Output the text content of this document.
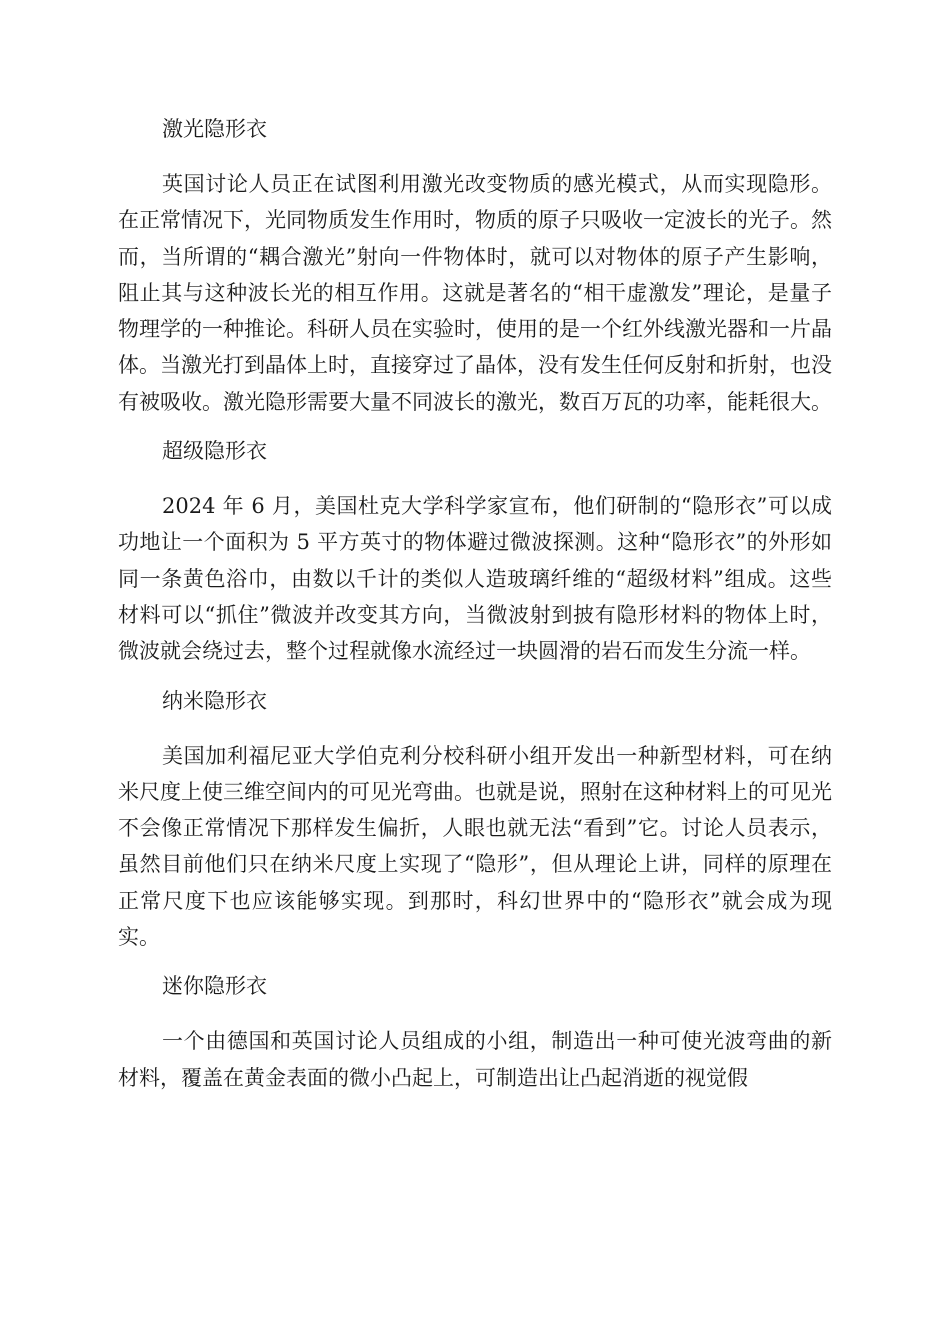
激光隐形衣

英国讨论人员正在试图利用激光改变物质的感光模式，从而实现隐形。在正常情况下，光同物质发生作用时，物质的原子只吸收一定波长的光子。然而，当所谓的“耦合激光”射向一件物体时，就可以对物体的原子产生影响，阻止其与这种波长光的相互作用。这就是著名的“相干虚激发”理论，是量子物理学的一种推论。科研人员在实验时，使用的是一个红外线激光器和一片晶体。当激光打到晶体上时，直接穿过了晶体，没有发生任何反射和折射，也没有被吸收。激光隐形需要大量不同波长的激光，数百万瓦的功率，能耗很大。

超级隐形衣

2024 年 6 月，美国杜克大学科学家宣布，他们研制的“隐形衣”可以成功地让一个面积为 5 平方英寸的物体避过微波探测。这种“隐形衣”的外形如同一条黄色浴巾，由数以千计的类似人造玻璃纤维的“超级材料”组成。这些材料可以“抓住”微波并改变其方向，当微波射到披有隐形材料的物体上时，微波就会绕过去，整个过程就像水流经过一块圆滑的岩石而发生分流一样。

纳米隐形衣

美国加利福尼亚大学伯克利分校科研小组开发出一种新型材料，可在纳米尺度上使三维空间内的可见光弯曲。也就是说，照射在这种材料上的可见光不会像正常情况下那样发生偏折，人眼也就无法“看到”它。讨论人员表示，虽然目前他们只在纳米尺度上实现了“隐形”，但从理论上讲，同样的原理在正常尺度下也应该能够实现。到那时，科幻世界中的“隐形衣”就会成为现实。

迷你隐形衣

一个由德国和英国讨论人员组成的小组，制造出一种可使光波弯曲的新材料，覆盖在黄金表面的微小凸起上，可制造出让凸起消逝的视觉假
